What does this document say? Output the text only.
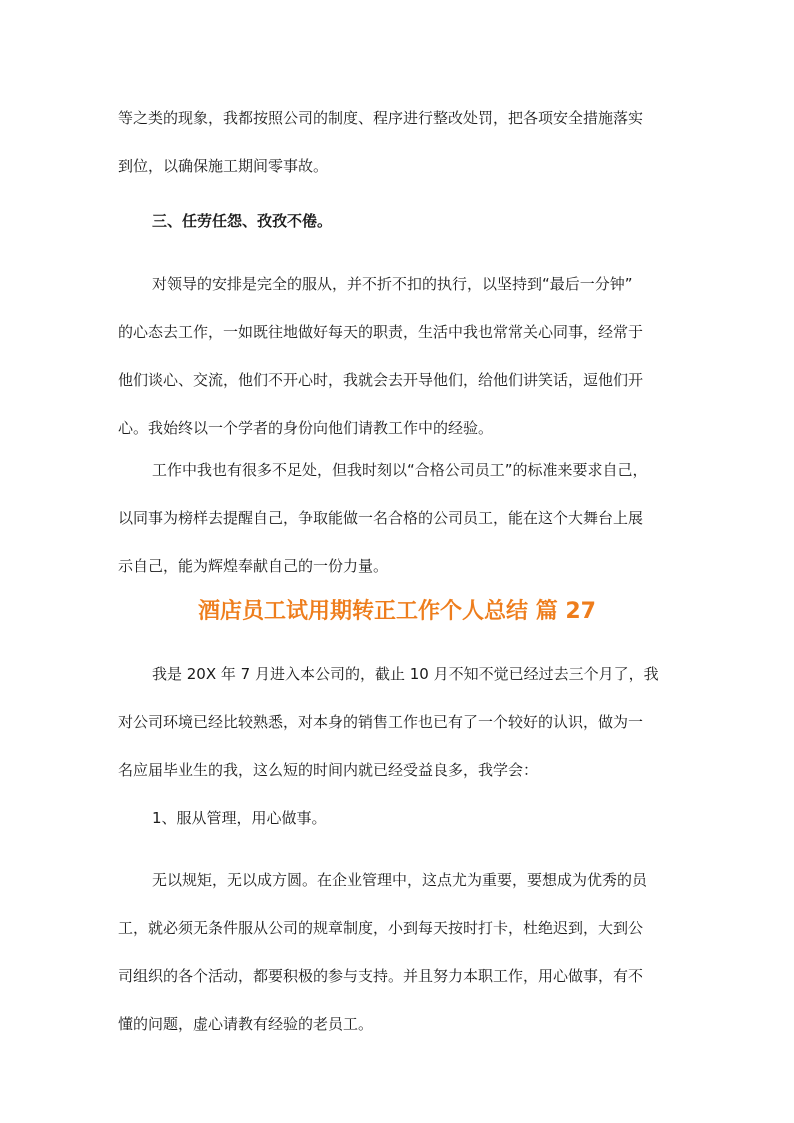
等之类的现象，我都按照公司的制度、程序进行整改处罚，把各项安全措施落实
到位，以确保施工期间零事故。

三、任劳任怨、孜孜不倦。

对领导的安排是完全的服从，并不折不扣的执行，以坚持到“最后一分钟”
的心态去工作，一如既往地做好每天的职责，生活中我也常常关心同事，经常于
他们谈心、交流，他们不开心时，我就会去开导他们，给他们讲笑话，逗他们开
心。我始终以一个学者的身份向他们请教工作中的经验。

工作中我也有很多不足处，但我时刻以“合格公司员工”的标准来要求自己，
以同事为榜样去提醒自己，争取能做一名合格的公司员工，能在这个大舞台上展
示自己，能为辉煌奉献自己的一份力量。

酒店员工试用期转正工作个人总结 篇 27

我是 20X 年 7 月进入本公司的，截止 10 月不知不觉已经过去三个月了，我
对公司环境已经比较熟悉，对本身的销售工作也已有了一个较好的认识，做为一
名应届毕业生的我，这么短的时间内就已经受益良多，我学会：

1、服从管理，用心做事。

无以规矩，无以成方圆。在企业管理中，这点尤为重要，要想成为优秀的员
工，就必须无条件服从公司的规章制度，小到每天按时打卡，杜绝迟到，大到公
司组织的各个活动，都要积极的参与支持。并且努力本职工作，用心做事，有不
懂的问题，虚心请教有经验的老员工。
